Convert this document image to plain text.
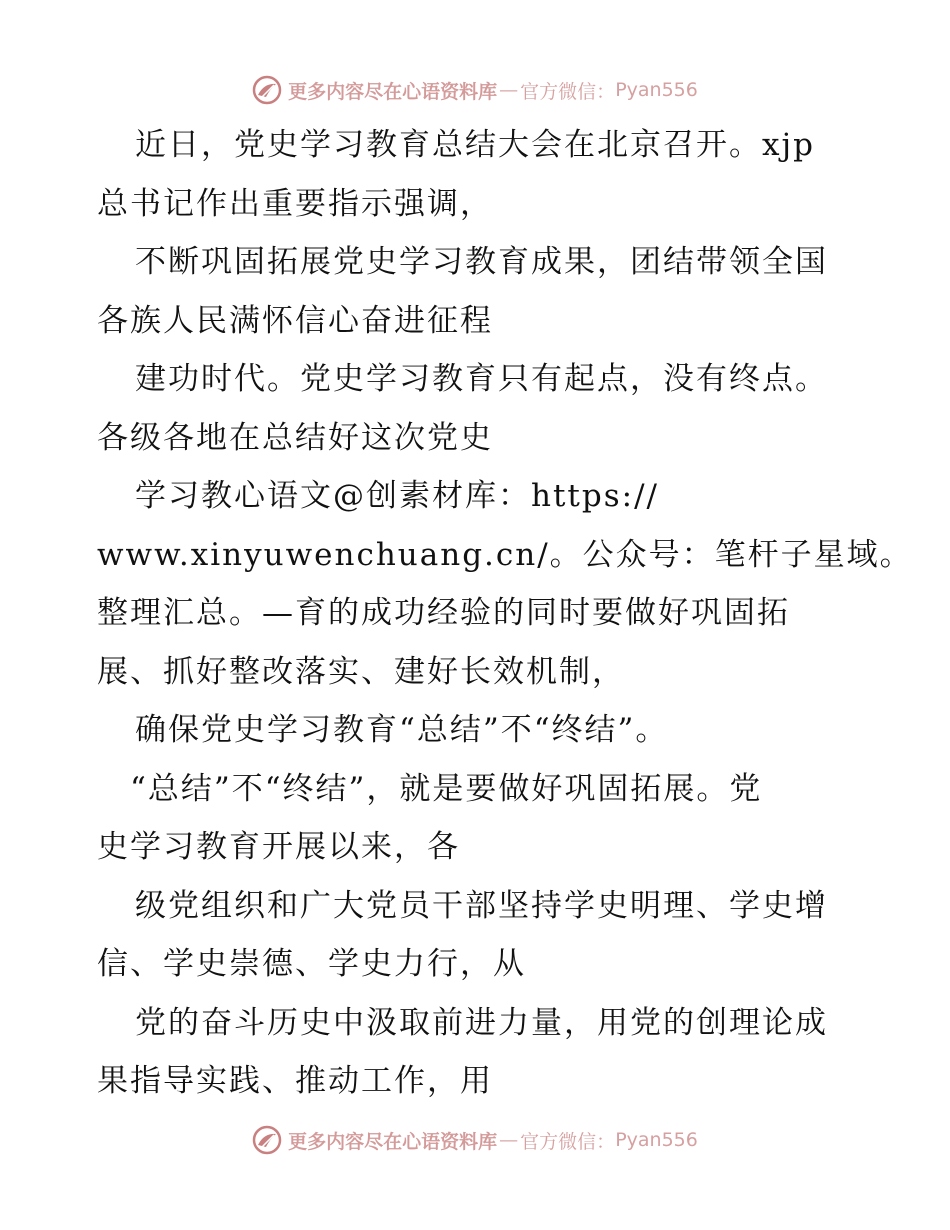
更多内容尽在心语资料库 — 官方微信： Pyan556
近日，党史学习教育总结大会在北京召开。xjp
总书记作出重要指示强调，
不断巩固拓展党史学习教育成果，团结带领全国
各族人民满怀信心奋进征程
建功时代。党史学习教育只有起点，没有终点。
各级各地在总结好这次党史
学习教心语文@创素材库：https://
www.xinyuwenchuang.cn/。公众号：笔杆子星域。
整理汇总。—育的成功经验的同时要做好巩固拓
展、抓好整改落实、建好长效机制，
确保党史学习教育“总结”不“终结”。
“总结”不“终结”，就是要做好巩固拓展。党
史学习教育开展以来，各
级党组织和广大党员干部坚持学史明理、学史增
信、学史崇德、学史力行，从
党的奋斗历史中汲取前进力量，用党的创理论成
果指导实践、推动工作，用
更多内容尽在心语资料库 — 官方微信： Pyan556
